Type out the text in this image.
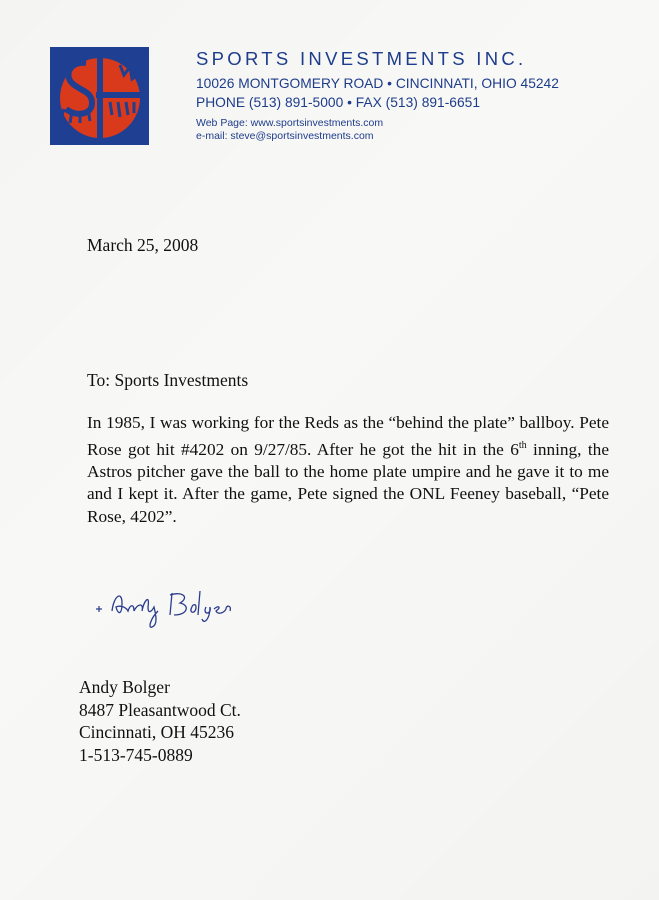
SPORTS INVESTMENTS INC.
10026 MONTGOMERY ROAD • CINCINNATI, OHIO 45242
PHONE (513) 891-5000 • FAX (513) 891-6651
Web Page: www.sportsinvestments.com
e-mail: steve@sportsinvestments.com
March 25, 2008
To: Sports Investments

In 1985, I was working for the Reds as the “behind the plate” ballboy. Pete Rose got hit #4202 on 9/27/85. After he got the hit in the 6th inning, the Astros pitcher gave the ball to the home plate umpire and he gave it to me and I kept it. After the game, Pete signed the ONL Feeney baseball, “Pete Rose, 4202”.

Andy Bolger
8487 Pleasantwood Ct.
Cincinnati, OH 45236
1-513-745-0889
